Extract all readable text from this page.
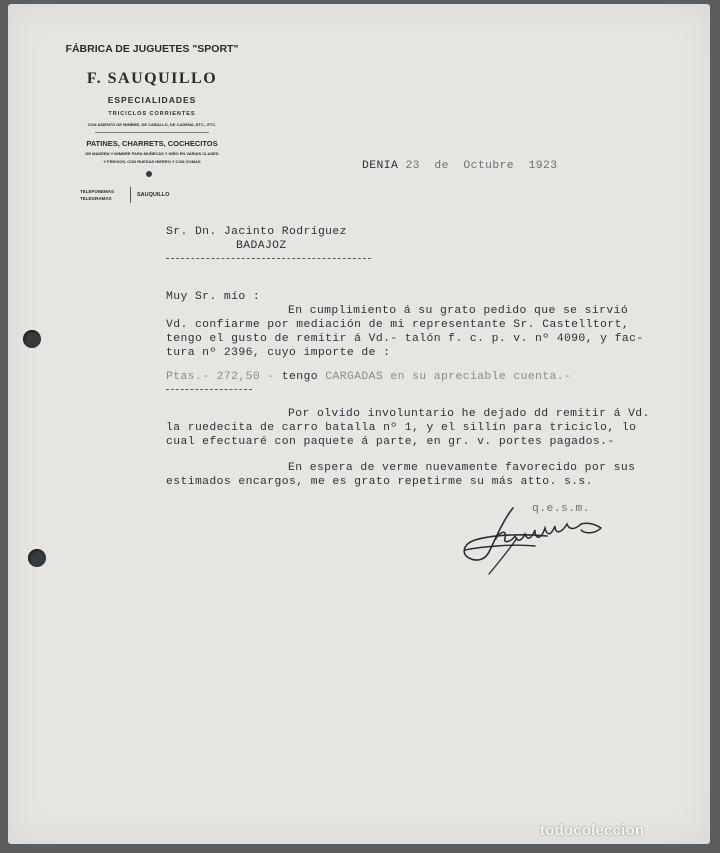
FÁBRICA DE JUGUETES "SPORT"
F. SAUQUILLO
ESPECIALIDADES
TRICICLOS CORRIENTES
CON ASIENTO DE MIMBRE, DE CABALLO, DE CADENA, ETC., ETC.
PATINES, CHARRETS, COCHECITOS
DE MADERA Y MIMBRE PARA MUÑECAS Y NIÑO EN VARIAS CLASES
Y PRECIOS, CON RUEDAS HIERRO Y CON GOMAS
TELEFONEMAS
TELEGRAMAS
SAUQUILLO
DENIA 23 de Octubre 1923
Sr. Dn. Jacinto Rodríguez
BADAJOZ
Muy Sr. mío :
En cumplimiento á su grato pedido que se sirvió
Vd. confiarme por mediación de mi representante Sr. Castelltort,
tengo el gusto de remitir á Vd.- talón f. c. p. v. nº 4090, y fac-
tura nº 2396, cuyo importe de :
Ptas.- 272,50 - tengo CARGADAS en su apreciable cuenta.-
Por olvido involuntario he dejado dd remitir á Vd.
la ruedecita de carro batalla nº 1, y el sillín para triciclo, lo
cual efectuaré con paquete á parte, en gr. v. portes pagados.-
En espera de verme nuevamente favorecido por sus
estimados encargos, me es grato repetirme su más atto. s.s.
q.e.s.m.
todocoleccion
